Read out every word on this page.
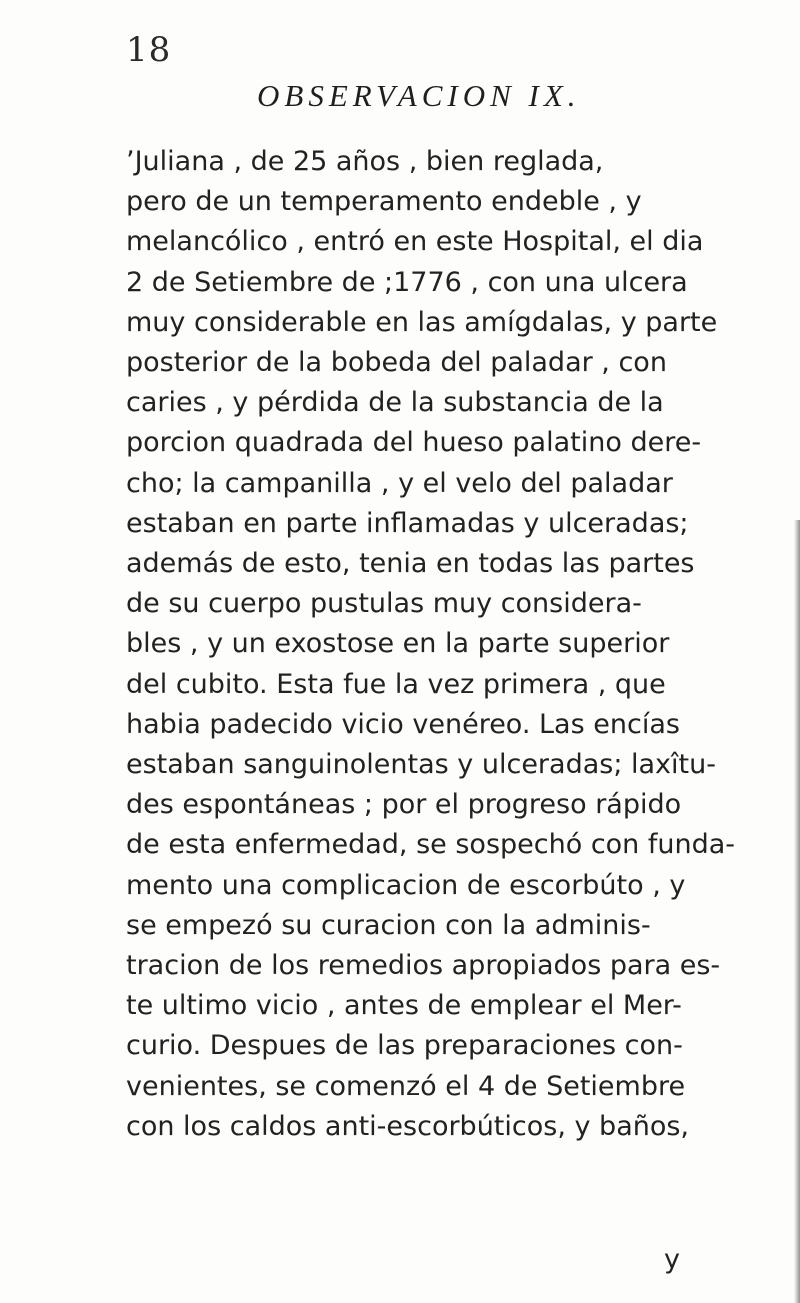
18
OBSERVACION IX.
ʼJuliana , de 25 años , bien reglada,
pero de un temperamento endeble , y
melancólico , entró en este Hospital, el dia
2 de Setiembre de ;1776 , con una ulcera
muy considerable en las amígdalas, y parte
posterior de la bobeda del paladar , con
caries , y pérdida de la substancia de la
porcion quadrada del hueso palatino dere-
cho; la campanilla , y el velo del paladar
estaban en parte inflamadas y ulceradas;
además de esto, tenia en todas las partes
de su cuerpo pustulas muy considera-
bles , y un exostose en la parte superior
del cubito. Esta fue la vez primera , que
habia padecido vicio venéreo. Las encías
estaban sanguinolentas y ulceradas; laxîtu-
des espontáneas ; por el progreso rápido
de esta enfermedad, se sospechó con funda-
mento una complicacion de escorbúto , y
se empezó su curacion con la adminis-
tracion de los remedios apropiados para es-
te ultimo vicio , antes de emplear el Mer-
curio. Despues de las preparaciones con-
venientes, se comenzó el 4 de Setiembre
con los caldos anti-escorbúticos, y baños,
y
